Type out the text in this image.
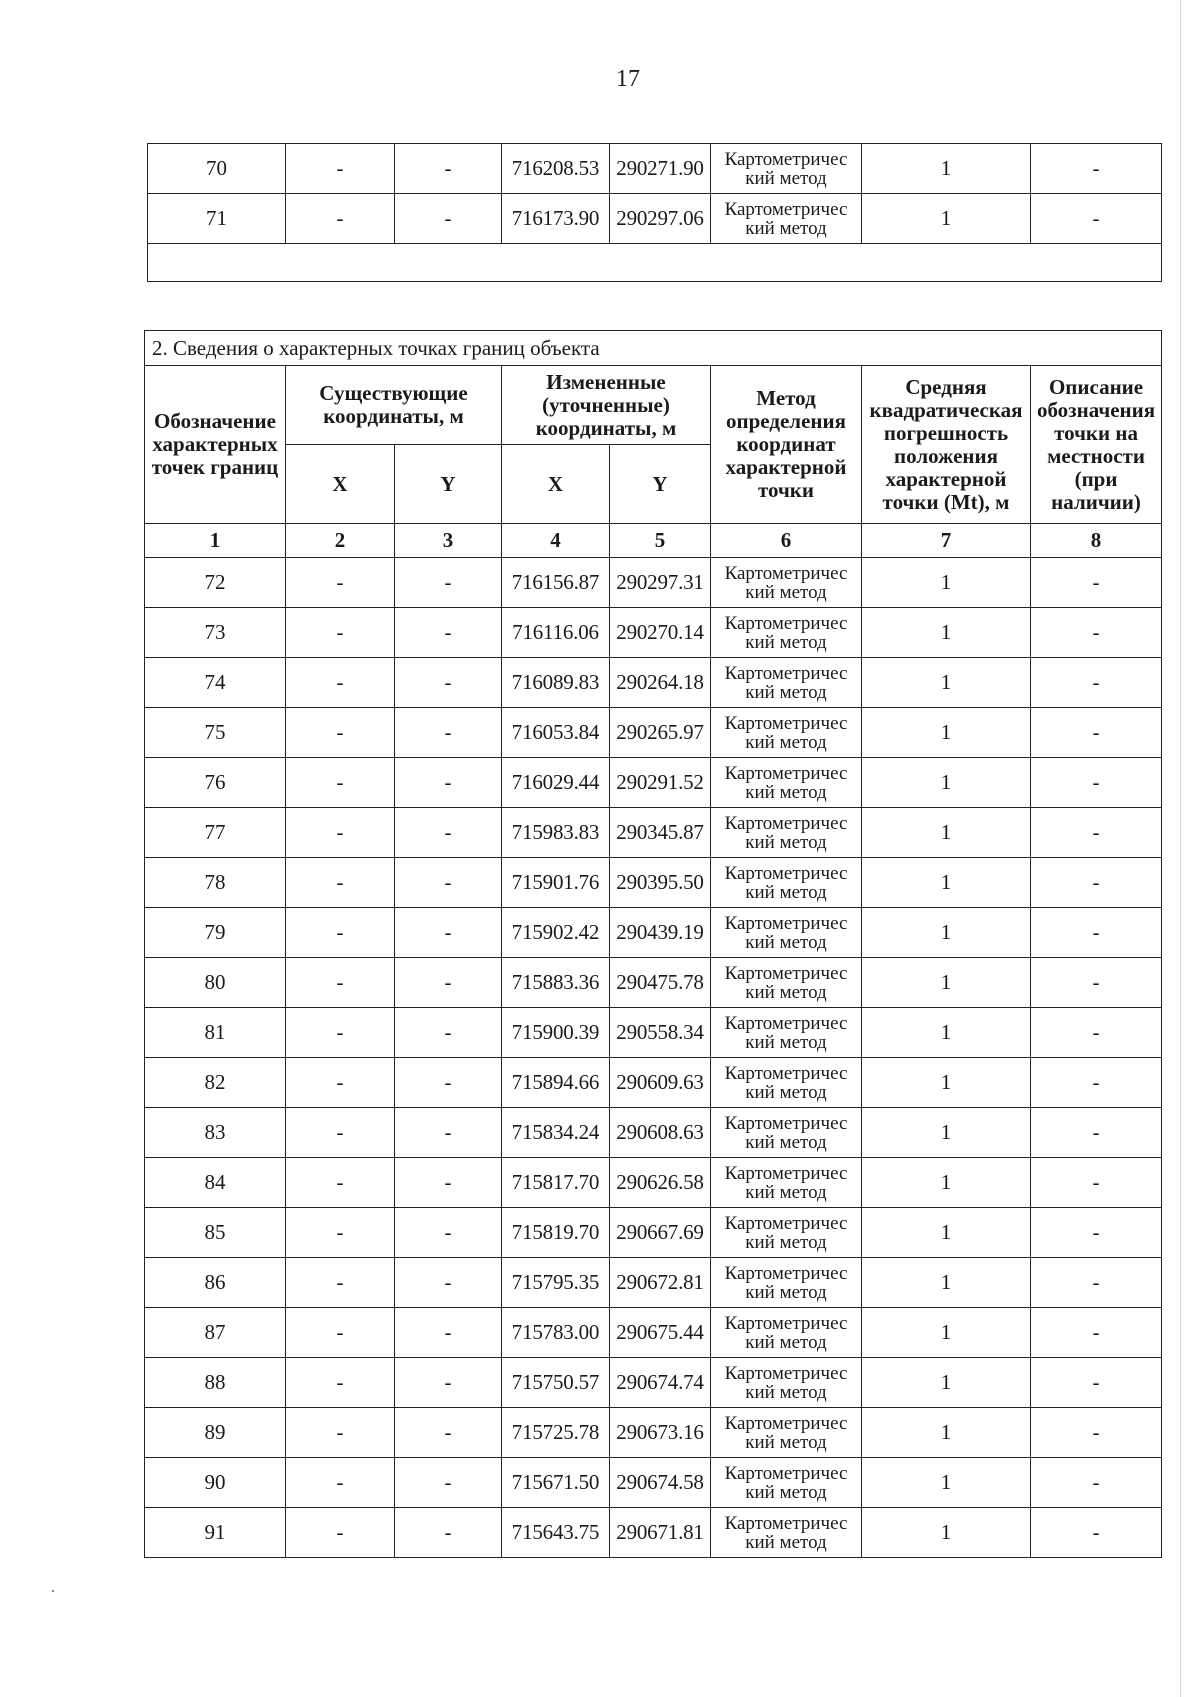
17
70	-	-	716208.53	290271.90	Картометричес кий метод	1	-
71	-	-	716173.90	290297.06	Картометричес кий метод	1	-

2. Сведения о характерных точках границ объекта							
Обозначение характерных точек границ	Существующие координаты, м		Измененные (уточненные) координаты, м		Метод определения координат характерной точки	Средняя квадратическая погрешность положения характерной точки (Mt), м	Описание обозначения точки на местности (при наличии)
	X	Y	X	Y			
1	2	3	4	5	6	7	8
72	-	-	716156.87	290297.31	Картометричес кий метод	1	-
73	-	-	716116.06	290270.14	Картометричес кий метод	1	-
74	-	-	716089.83	290264.18	Картометричес кий метод	1	-
75	-	-	716053.84	290265.97	Картометричес кий метод	1	-
76	-	-	716029.44	290291.52	Картометричес кий метод	1	-
77	-	-	715983.83	290345.87	Картометричес кий метод	1	-
78	-	-	715901.76	290395.50	Картометричес кий метод	1	-
79	-	-	715902.42	290439.19	Картометричес кий метод	1	-
80	-	-	715883.36	290475.78	Картометричес кий метод	1	-
81	-	-	715900.39	290558.34	Картометричес кий метод	1	-
82	-	-	715894.66	290609.63	Картометричес кий метод	1	-
83	-	-	715834.24	290608.63	Картометричес кий метод	1	-
84	-	-	715817.70	290626.58	Картометричес кий метод	1	-
85	-	-	715819.70	290667.69	Картометричес кий метод	1	-
86	-	-	715795.35	290672.81	Картометричес кий метод	1	-
87	-	-	715783.00	290675.44	Картометричес кий метод	1	-
88	-	-	715750.57	290674.74	Картометричес кий метод	1	-
89	-	-	715725.78	290673.16	Картометричес кий метод	1	-
90	-	-	715671.50	290674.58	Картометричес кий метод	1	-
91	-	-	715643.75	290671.81	Картометричес кий метод	1	-
